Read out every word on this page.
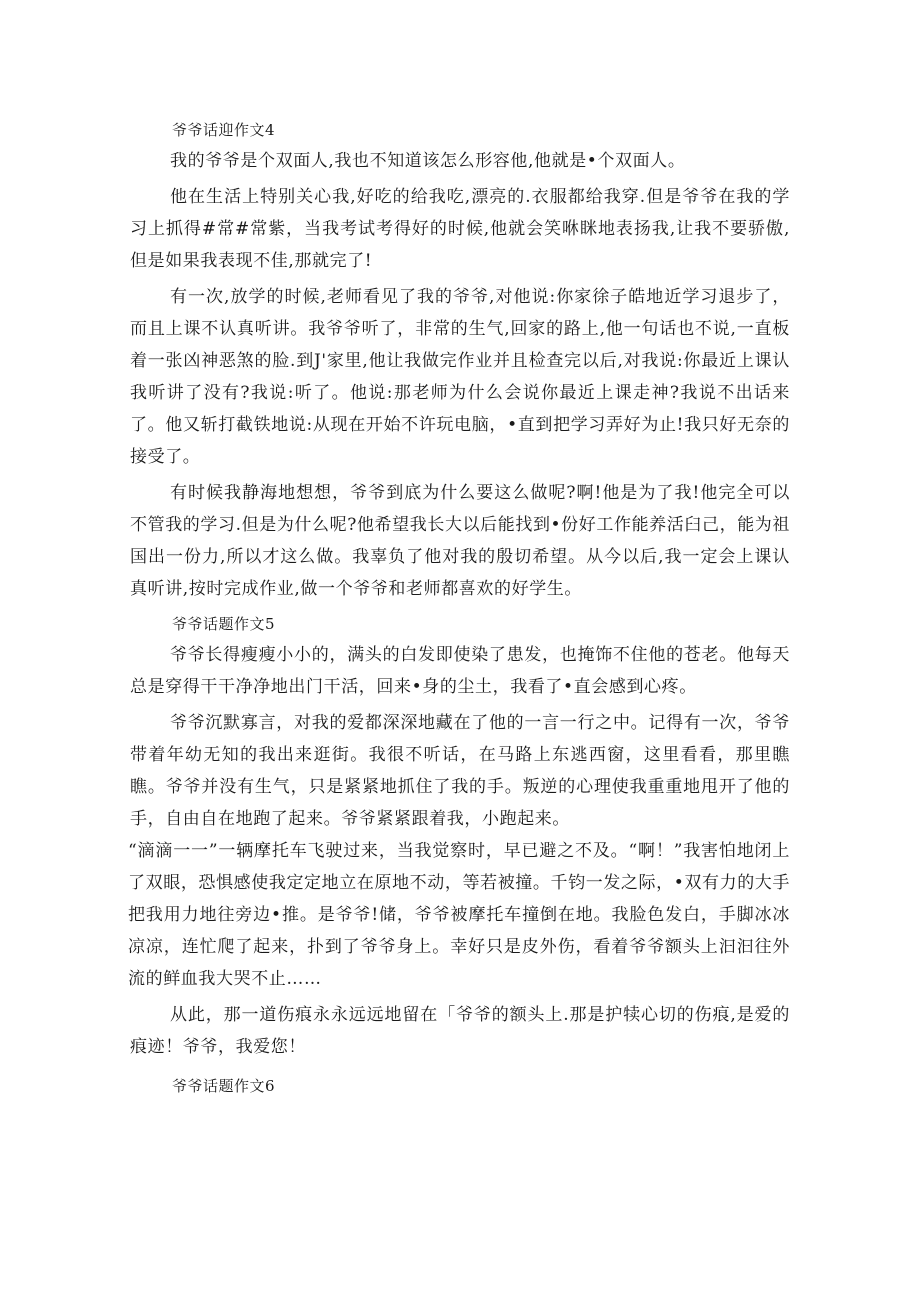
爷爷话迎作文4

我的爷爷是个双面人,我也不知道该怎么形容他,他就是•个双面人。

他在生活上特别关心我,好吃的给我吃,漂亮的.衣服都给我穿.但是爷爷在我的学习上抓得#常#常紫，当我考试考得好的时候,他就会笑咻眯地表扬我,让我不要骄傲,但是如果我表现不佳,那就完了!

有一次,放学的时候,老师看见了我的爷爷,对他说:你家徐子皓地近学习退步了，而且上课不认真听讲。我爷爷听了，非常的生气,回家的路上,他一句话也不说,一直板着一张凶神恶煞的脸.到J'家里,他让我做完作业并且检查完以后,对我说:你最近上课认我听讲了没有?我说:听了。他说:那老师为什么会说你最近上课走神?我说不出话来了。他又斩打截铁地说:从现在开始不许玩电脑，•直到把学习弄好为止!我只好无奈的接受了。

有时候我静海地想想，爷爷到底为什么要这么做呢?啊!他是为了我!他完全可以不管我的学习.但是为什么呢?他希望我长大以后能找到•份好工作能养活臼己，能为祖国出一份力,所以才这么做。我辜负了他对我的殷切希望。从今以后,我一定会上课认真听讲,按时完成作业,做一个爷爷和老师都喜欢的好学生。

爷爷话题作文5

爷爷长得瘦瘦小小的，满头的白发即使染了患发，也掩饰不住他的苍老。他每天总是穿得干干净净地出门干活，回来•身的尘土，我看了•直会感到心疼。

爷爷沉默寡言，对我的爱都深深地藏在了他的一言一行之中。记得有一次，爷爷带着年幼无知的我出来逛街。我很不听话，在马路上东逃西窗，这里看看，那里瞧瞧。爷爷并没有生气，只是紧紧地抓住了我的手。叛逆的心理使我重重地甩开了他的手，自由自在地跑了起来。爷爷紧紧跟着我，小跑起来。

“滴滴一一”一辆摩托车飞驶过来，当我觉察时，早已避之不及。“啊！”我害怕地闭上了双眼，恐惧感使我定定地立在原地不动，等若被撞。千钧一发之际，•双有力的大手把我用力地往旁边•推。是爷爷!储，爷爷被摩托车撞倒在地。我脸色发白，手脚冰冰凉凉，连忙爬了起来，扑到了爷爷身上。幸好只是皮外伤，看着爷爷额头上汩汩往外流的鲜血我大哭不止……

从此，那一道伤痕永永远远地留在「爷爷的额头上.那是护犊心切的伤痕,是爱的痕迹！爷爷，我爱您！

爷爷话题作文6
